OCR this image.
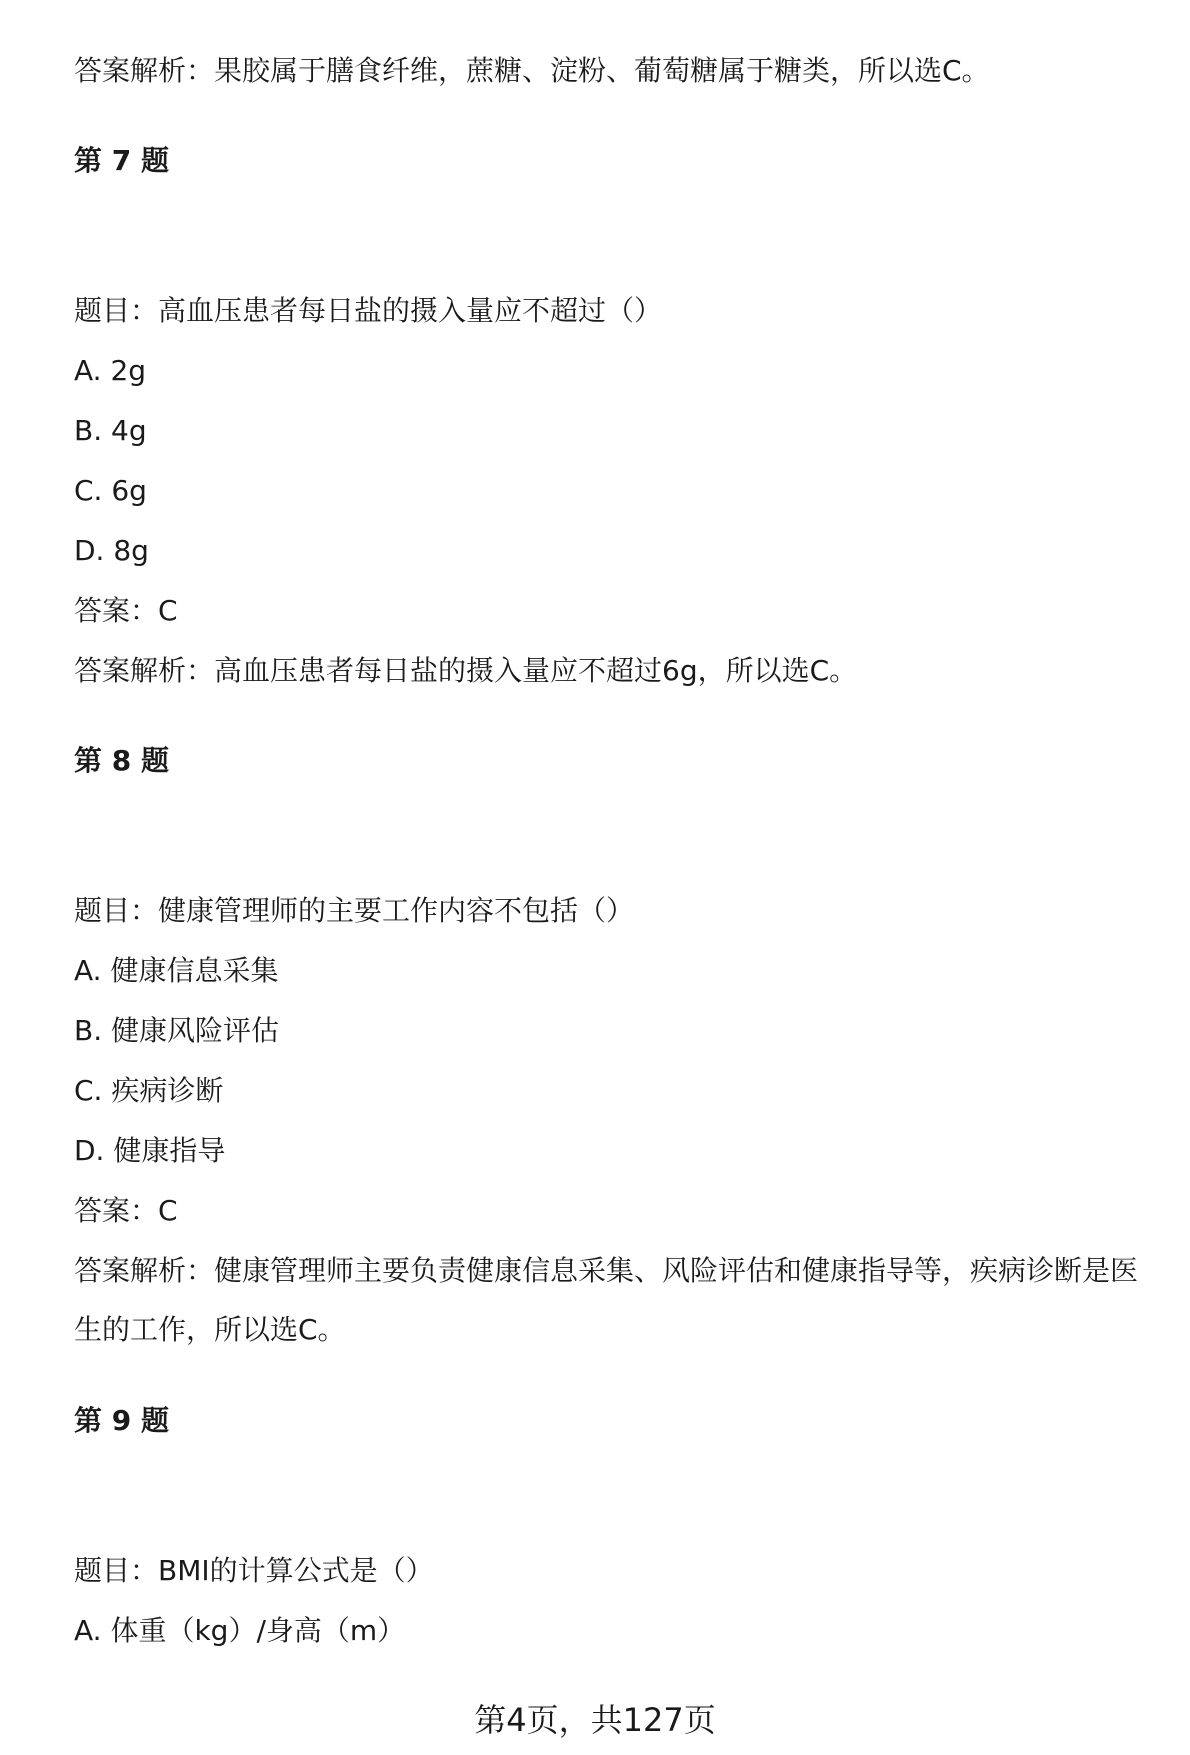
答案解析：果胶属于膳食纤维，蔗糖、淀粉、葡萄糖属于糖类，所以选C。
第 7 题
题目：高血压患者每日盐的摄入量应不超过（）
A. 2g
B. 4g
C. 6g
D. 8g
答案：C
答案解析：高血压患者每日盐的摄入量应不超过6g，所以选C。
第 8 题
题目：健康管理师的主要工作内容不包括（）
A. 健康信息采集
B. 健康风险评估
C. 疾病诊断
D. 健康指导
答案：C
答案解析：健康管理师主要负责健康信息采集、风险评估和健康指导等，疾病诊断是医生的工作，所以选C。
第 9 题
题目：BMI的计算公式是（）
A. 体重（kg）/身高（m）
第4页，共127页
